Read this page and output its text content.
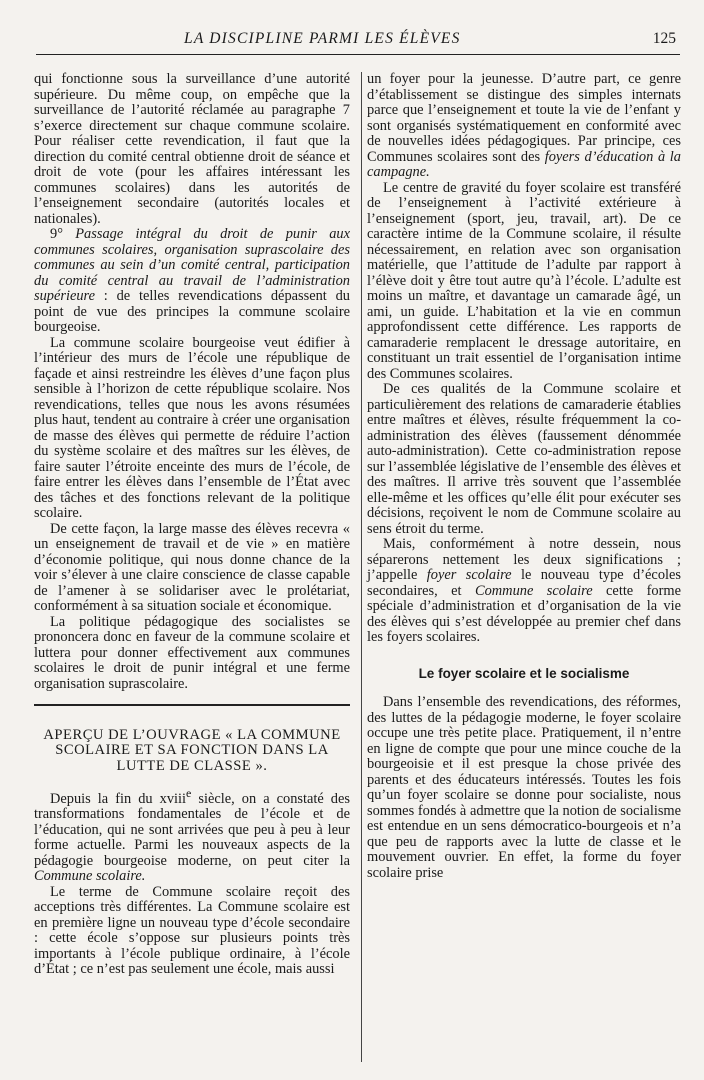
LA DISCIPLINE PARMI LES ÉLÈVES	125

qui fonctionne sous la surveillance d’une autorité supérieure. Du même coup, on empêche que la surveillance de l’autorité réclamée au paragraphe 7 s’exerce directement sur chaque commune scolaire. Pour réaliser cette revendication, il faut que la direction du comité central obtienne droit de séance et droit de vote (pour les affaires intéressant les communes scolaires) dans les autorités de l’enseignement secondaire (autorités locales et nationales).

9° Passage intégral du droit de punir aux communes scolaires, organisation suprascolaire des communes au sein d’un comité central, participation du comité central au travail de l’administration supérieure : de telles revendications dépassent du point de vue des principes la commune scolaire bourgeoise.

La commune scolaire bourgeoise veut édifier à l’intérieur des murs de l’école une république de façade et ainsi restreindre les élèves d’une façon plus sensible à l’horizon de cette république scolaire. Nos revendications, telles que nous les avons résumées plus haut, tendent au contraire à créer une organisation de masse des élèves qui permette de réduire l’action du système scolaire et des maîtres sur les élèves, de faire sauter l’étroite enceinte des murs de l’école, de faire entrer les élèves dans l’ensemble de l’État avec des tâches et des fonctions relevant de la politique scolaire.

De cette façon, la large masse des élèves recevra « un enseignement de travail et de vie » en matière d’économie politique, qui nous donne chance de la voir s’élever à une claire conscience de classe capable de l’amener à se solidariser avec le prolétariat, conformément à sa situation sociale et économique.

La politique pédagogique des socialistes se prononcera donc en faveur de la commune scolaire et luttera pour donner effectivement aux communes scolaires le droit de punir intégral et une ferme organisation suprascolaire.

APERÇU DE L’OUVRAGE « LA COMMUNE SCOLAIRE ET SA FONCTION DANS LA LUTTE DE CLASSE ».

Depuis la fin du xviii$^e$ siècle, on a constaté des transformations fondamentales de l’école et de l’éducation, qui ne sont arrivées que peu à peu à leur forme actuelle. Parmi les nouveaux aspects de la pédagogie bourgeoise moderne, on peut citer la Commune scolaire.

Le terme de Commune scolaire reçoit des acceptions très différentes. La Commune scolaire est en première ligne un nouveau type d’école secondaire : cette école s’oppose sur plusieurs points très importants à l’école publique ordinaire, à l’école d’État ; ce n’est pas seulement une école, mais aussi

un foyer pour la jeunesse. D’autre part, ce genre d’établissement se distingue des simples internats parce que l’enseignement et toute la vie de l’enfant y sont organisés systématiquement en conformité avec de nouvelles idées pédagogiques. Par principe, ces Communes scolaires sont des foyers d’éducation à la campagne.

Le centre de gravité du foyer scolaire est transféré de l’enseignement à l’activité extérieure à l’enseignement (sport, jeu, travail, art). De ce caractère intime de la Commune scolaire, il résulte nécessairement, en relation avec son organisation matérielle, que l’attitude de l’adulte par rapport à l’élève doit y être tout autre qu’à l’école. L’adulte est moins un maître, et davantage un camarade âgé, un ami, un guide. L’habitation et la vie en commun approfondissent cette différence. Les rapports de camaraderie remplacent le dressage autoritaire, en constituant un trait essentiel de l’organisation intime des Communes scolaires.

De ces qualités de la Commune scolaire et particulièrement des relations de camaraderie établies entre maîtres et élèves, résulte fréquemment la co-administration des élèves (faussement dénommée auto-administration). Cette co-administration repose sur l’assemblée législative de l’ensemble des élèves et des maîtres. Il arrive très souvent que l’assemblée elle-même et les offices qu’elle élit pour exécuter ses décisions, reçoivent le nom de Commune scolaire au sens étroit du terme.

Mais, conformément à notre dessein, nous séparerons nettement les deux significations ; j’appelle foyer scolaire le nouveau type d’écoles secondaires, et Commune scolaire cette forme spéciale d’administration et d’organisation de la vie des élèves qui s’est développée au premier chef dans les foyers scolaires.

Le foyer scolaire et le socialisme

Dans l’ensemble des revendications, des réformes, des luttes de la pédagogie moderne, le foyer scolaire occupe une très petite place. Pratiquement, il n’entre en ligne de compte que pour une mince couche de la bourgeoisie et il est presque la chose privée des parents et des éducateurs intéressés. Toutes les fois qu’un foyer scolaire se donne pour socialiste, nous sommes fondés à admettre que la notion de socialisme est entendue en un sens démocratico-bourgeois et n’a que peu de rapports avec la lutte de classe et le mouvement ouvrier. En effet, la forme du foyer scolaire prise
